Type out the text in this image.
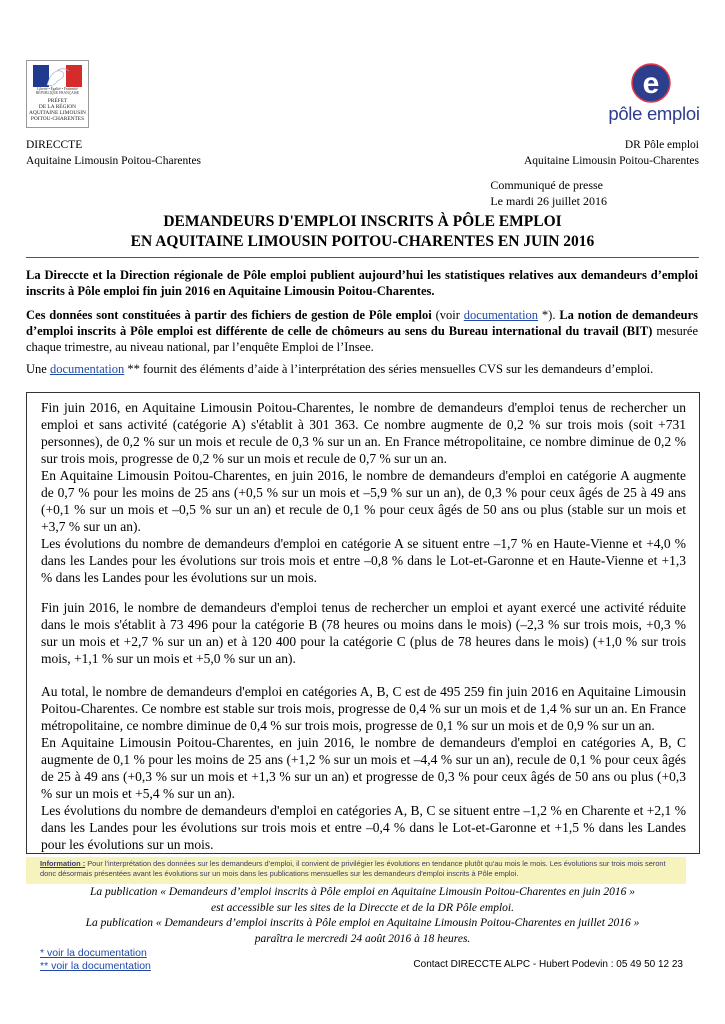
Liberté • Égalité • Fraternité
RÉPUBLIQUE FRANÇAISE
PRÉFET
DE LA RÉGION
AQUITAINE LIMOUSIN
POITOU-CHARENTES
e
pôle emploi
DIRECCTE
Aquitaine Limousin Poitou-Charentes
DR Pôle emploi
Aquitaine Limousin Poitou-Charentes
Communiqué de presse
Le mardi 26 juillet 2016
DEMANDEURS D'EMPLOI INSCRITS À PÔLE EMPLOI
EN AQUITAINE LIMOUSIN POITOU-CHARENTES EN JUIN 2016
La Direccte et la Direction régionale de Pôle emploi publient aujourd’hui les statistiques relatives aux demandeurs d’emploi inscrits à Pôle emploi fin juin 2016 en Aquitaine Limousin Poitou-Charentes.
Ces données sont constituées à partir des fichiers de gestion de Pôle emploi (voir documentation *). La notion de demandeurs d’emploi inscrits à Pôle emploi est différente de celle de chômeurs au sens du Bureau international du travail (BIT) mesurée chaque trimestre, au niveau national, par l’enquête Emploi de l’Insee.
Une documentation ** fournit des éléments d’aide à l’interprétation des séries mensuelles CVS sur les demandeurs d’emploi.
Fin juin 2016, en Aquitaine Limousin Poitou-Charentes, le nombre de demandeurs d'emploi tenus de rechercher un emploi et sans activité (catégorie A) s'établit à 301 363. Ce nombre augmente de 0,2 % sur trois mois (soit +731 personnes), de 0,2 % sur un mois et recule de 0,3 % sur un an. En France métropolitaine, ce nombre diminue de 0,2 % sur trois mois, progresse de 0,2 % sur un mois et recule de 0,7 % sur un an.
En Aquitaine Limousin Poitou-Charentes, en juin 2016, le nombre de demandeurs d'emploi en catégorie A augmente de 0,7 % pour les moins de 25 ans (+0,5 % sur un mois et –5,9 % sur un an), de 0,3 % pour ceux âgés de 25 à 49 ans (+0,1 % sur un mois et –0,5 % sur un an) et recule de 0,1 % pour ceux âgés de 50 ans ou plus (stable sur un mois et +3,7 % sur un an).
Les évolutions du nombre de demandeurs d'emploi en catégorie A se situent entre –1,7 % en Haute-Vienne et +4,0 % dans les Landes pour les évolutions sur trois mois et entre –0,8 % dans le Lot-et-Garonne et en Haute-Vienne et +1,3 % dans les Landes pour les évolutions sur un mois.
Fin juin 2016, le nombre de demandeurs d'emploi tenus de rechercher un emploi et ayant exercé une activité réduite dans le mois s'établit à 73 496 pour la catégorie B (78 heures ou moins dans le mois) (–2,3 % sur trois mois, +0,3 % sur un mois et +2,7 % sur un an) et à 120 400 pour la catégorie C (plus de 78 heures dans le mois) (+1,0 % sur trois mois, +1,1 % sur un mois et +5,0 % sur un an).
Au total, le nombre de demandeurs d'emploi en catégories A, B, C est de 495 259 fin juin 2016 en Aquitaine Limousin Poitou-Charentes. Ce nombre est stable sur trois mois, progresse de 0,4 % sur un mois et de 1,4 % sur un an. En France métropolitaine, ce nombre diminue de 0,4 % sur trois mois, progresse de 0,1 % sur un mois et de 0,9 % sur un an.
En Aquitaine Limousin Poitou-Charentes, en juin 2016, le nombre de demandeurs d'emploi en catégories A, B, C augmente de 0,1 % pour les moins de 25 ans (+1,2 % sur un mois et –4,4 % sur un an), recule de 0,1 % pour ceux âgés de 25 à 49 ans (+0,3 % sur un mois et +1,3 % sur un an) et progresse de 0,3 % pour ceux âgés de 50 ans ou plus (+0,3 % sur un mois et +5,4 % sur un an).
Les évolutions du nombre de demandeurs d'emploi en catégories A, B, C se situent entre –1,2 % en Charente et +2,1 % dans les Landes pour les évolutions sur trois mois et entre –0,4 % dans le Lot-et-Garonne et +1,5 % dans les Landes pour les évolutions sur un mois.
Information : Pour l'interprétation des données sur les demandeurs d’emploi, il convient de privilégier les évolutions en tendance plutôt qu'au mois le mois. Les évolutions sur trois mois seront donc désormais présentées avant les évolutions sur un mois dans les publications mensuelles sur les demandeurs d'emploi inscrits à Pôle emploi.
La publication « Demandeurs d’emploi inscrits à Pôle emploi en Aquitaine Limousin Poitou-Charentes en juin 2016 »
est accessible sur les sites de la Direccte et de la DR Pôle emploi.
La publication « Demandeurs d’emploi inscrits à Pôle emploi en Aquitaine Limousin Poitou-Charentes en juillet 2016 »
paraîtra le mercredi 24 août 2016 à 18 heures.
* voir la documentation
** voir la documentation	Contact DIRECCTE ALPC - Hubert Podevin : 05 49 50 12 23
